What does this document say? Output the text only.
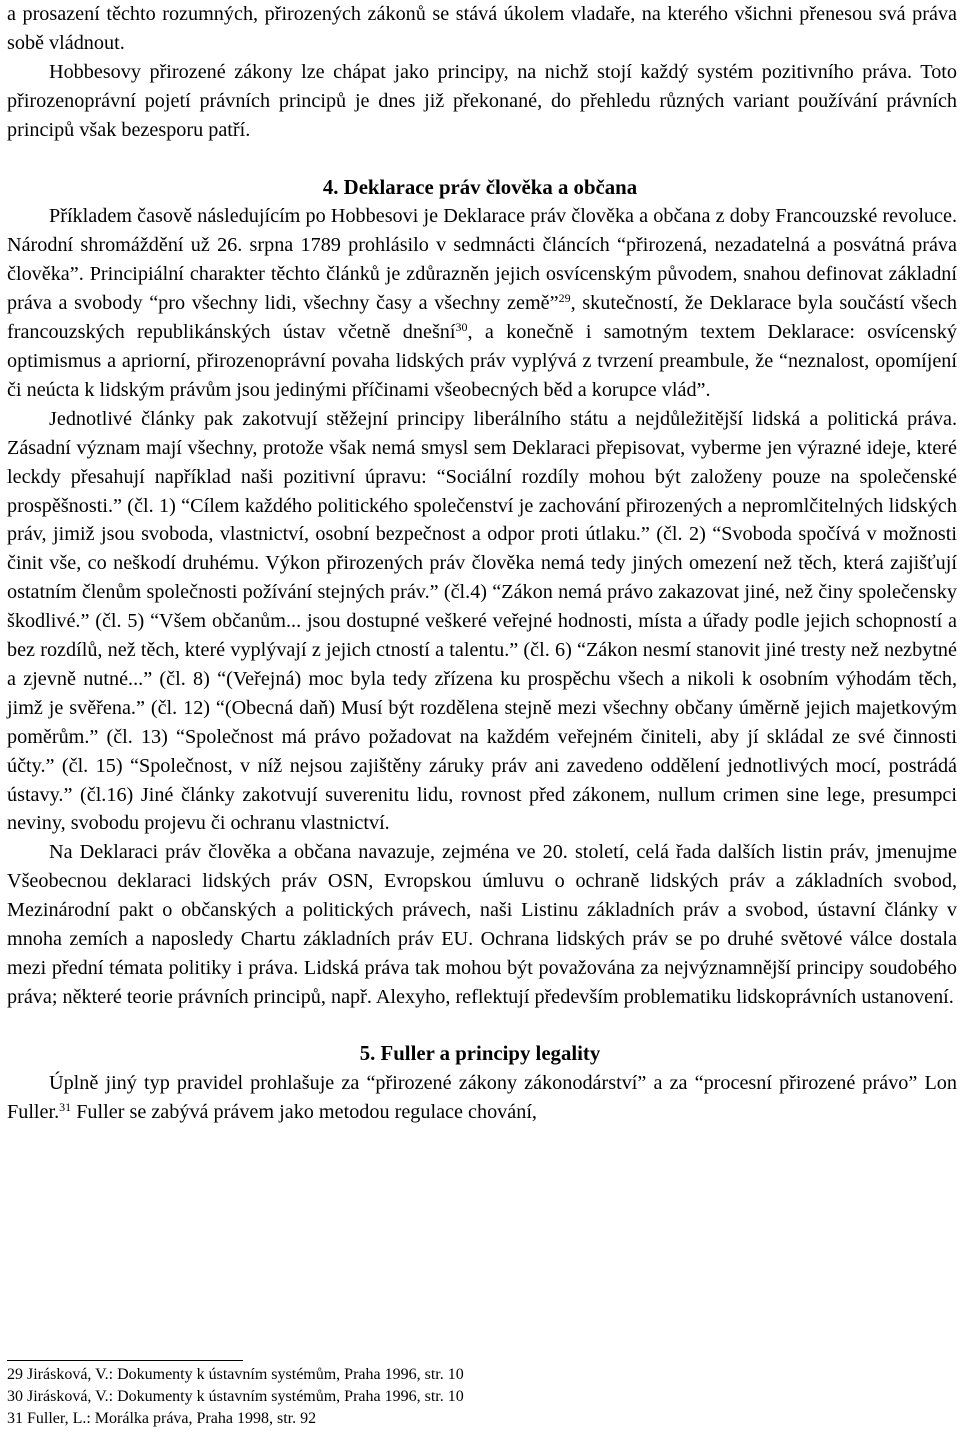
a prosazení těchto rozumných, přirozených zákonů se stává úkolem vladaře, na kterého všichni přenesou svá práva sobě vládnout.

Hobbesovy přirozené zákony lze chápat jako principy, na nichž stojí každý systém pozitivního práva. Toto přirozenoprávní pojetí právních principů je dnes již překonané, do přehledu různých variant používání právních principů však bezesporu patří.

4. Deklarace práv člověka a občana

Příkladem časově následujícím po Hobbesovi je Deklarace práv člověka a občana z doby Francouzské revoluce. Národní shromáždění už 26. srpna 1789 prohlásilo v sedmnácti článcích “přirozená, nezadatelná a posvátná práva člověka”. Principiální charakter těchto článků je zdůrazněn jejich osvícenským původem, snahou definovat základní práva a svobody “pro všechny lidi, všechny časy a všechny země”$^{29}$, skutečností, že Deklarace byla součástí všech francouzských republikánských ústav včetně dnešní$^{30}$, a konečně i samotným textem Deklarace: osvícenský optimismus a apriorní, přirozenoprávní povaha lidských práv vyplývá z tvrzení preambule, že “neznalost, opomíjení či neúcta k lidským právům jsou jedinými příčinami všeobecných běd a korupce vlád”.

Jednotlivé články pak zakotvují stěžejní principy liberálního státu a nejdůležitější lidská a politická práva. Zásadní význam mají všechny, protože však nemá smysl sem Deklaraci přepisovat, vyberme jen výrazné ideje, které leckdy přesahují například naši pozitivní úpravu: “Sociální rozdíly mohou být založeny pouze na společenské prospěšnosti.” (čl. 1) “Cílem každého politického společenství je zachování přirozených a nepromlčitelných lidských práv, jimiž jsou svoboda, vlastnictví, osobní bezpečnost a odpor proti útlaku.” (čl. 2) “Svoboda spočívá v možnosti činit vše, co neškodí druhému. Výkon přirozených práv člověka nemá tedy jiných omezení než těch, která zajišťují ostatním členům společnosti požívání stejných práv.” (čl.4) “Zákon nemá právo zakazovat jiné, než činy společensky škodlivé.” (čl. 5) “Všem občanům... jsou dostupné veškeré veřejné hodnosti, místa a úřady podle jejich schopností a bez rozdílů, než těch, které vyplývají z jejich ctností a talentu.” (čl. 6) “Zákon nesmí stanovit jiné tresty než nezbytné a zjevně nutné...” (čl. 8) “(Veřejná) moc byla tedy zřízena ku prospěchu všech a nikoli k osobním výhodám těch, jimž je svěřena.” (čl. 12) “(Obecná daň) Musí být rozdělena stejně mezi všechny občany úměrně jejich majetkovým poměrům.” (čl. 13) “Společnost má právo požadovat na každém veřejném činiteli, aby jí skládal ze své činnosti účty.” (čl. 15) “Společnost, v níž nejsou zajištěny záruky práv ani zavedeno oddělení jednotlivých mocí, postrádá ústavy.” (čl.16) Jiné články zakotvují suverenitu lidu, rovnost před zákonem, nullum crimen sine lege, presumpci neviny, svobodu projevu či ochranu vlastnictví.

Na Deklaraci práv člověka a občana navazuje, zejména ve 20. století, celá řada dalších listin práv, jmenujme Všeobecnou deklaraci lidských práv OSN, Evropskou úmluvu o ochraně lidských práv a základních svobod, Mezinárodní pakt o občanských a politických právech, naši Listinu základních práv a svobod, ústavní články v mnoha zemích a naposledy Chartu základních práv EU. Ochrana lidských práv se po druhé světové válce dostala mezi přední témata politiky i práva. Lidská práva tak mohou být považována za nejvýznamnější principy soudobého práva; některé teorie právních principů, např. Alexyho, reflektují především problematiku lidskoprávních ustanovení.

5. Fuller a principy legality

Úplně jiný typ pravidel prohlašuje za “přirozené zákony zákonodárství” a za “procesní přirozené právo” Lon Fuller.$^{31}$ Fuller se zabývá právem jako metodou regulace chování,

29 Jirásková, V.: Dokumenty k ústavním systémům, Praha 1996, str. 10

30 Jirásková, V.: Dokumenty k ústavním systémům, Praha 1996, str. 10

31 Fuller, L.: Morálka práva, Praha 1998, str. 92
